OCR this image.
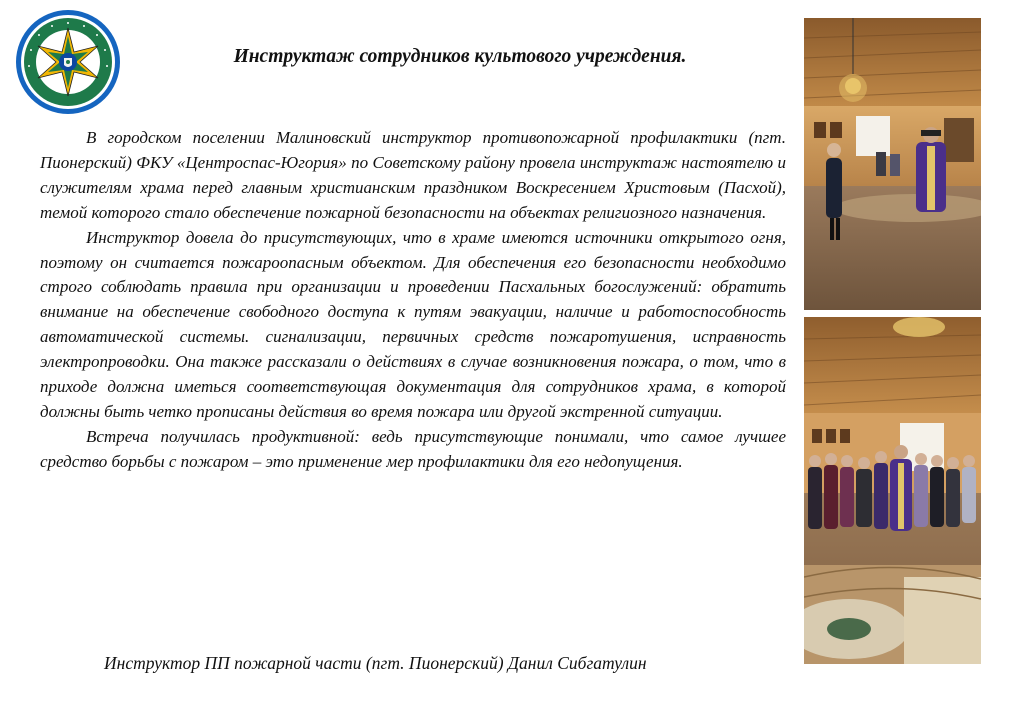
Инструктаж сотрудников культового учреждения.

В городском поселении Малиновский инструктор противопожарной профилактики (пгт. Пионерский) ФКУ «Центроспас-Югория» по Советскому району провела инструктаж настоятелю и служителям храма перед главным христианским праздником Воскресением Христовым (Пасхой), темой которого стало обеспечение пожарной безопасности на объектах религиозного назначения.

Инструктор довела до присутствующих, что в храме имеются источники открытого огня, поэтому он считается пожароопасным объектом. Для обеспечения его безопасности необходимо строго соблюдать правила при организации и проведении Пасхальных богослужений: обратить внимание на обеспечение свободного доступа к путям эвакуации, наличие и работоспособность автоматической системы. сигнализации, первичных средств пожаротушения, исправность электропроводки. Она также рассказали о действиях в случае возникновения пожара, о том, что в приходе должна иметься соответствующая документация для сотрудников храма, в которой должны быть четко прописаны действия во время пожара или другой экстренной ситуации.

Встреча получилась продуктивной: ведь присутствующие понимали, что самое лучшее средство борьбы с пожаром – это применение мер профилактики для его недопущения.

Инструктор ПП пожарной части (пгт. Пионерский) Данил Сибгатулин
